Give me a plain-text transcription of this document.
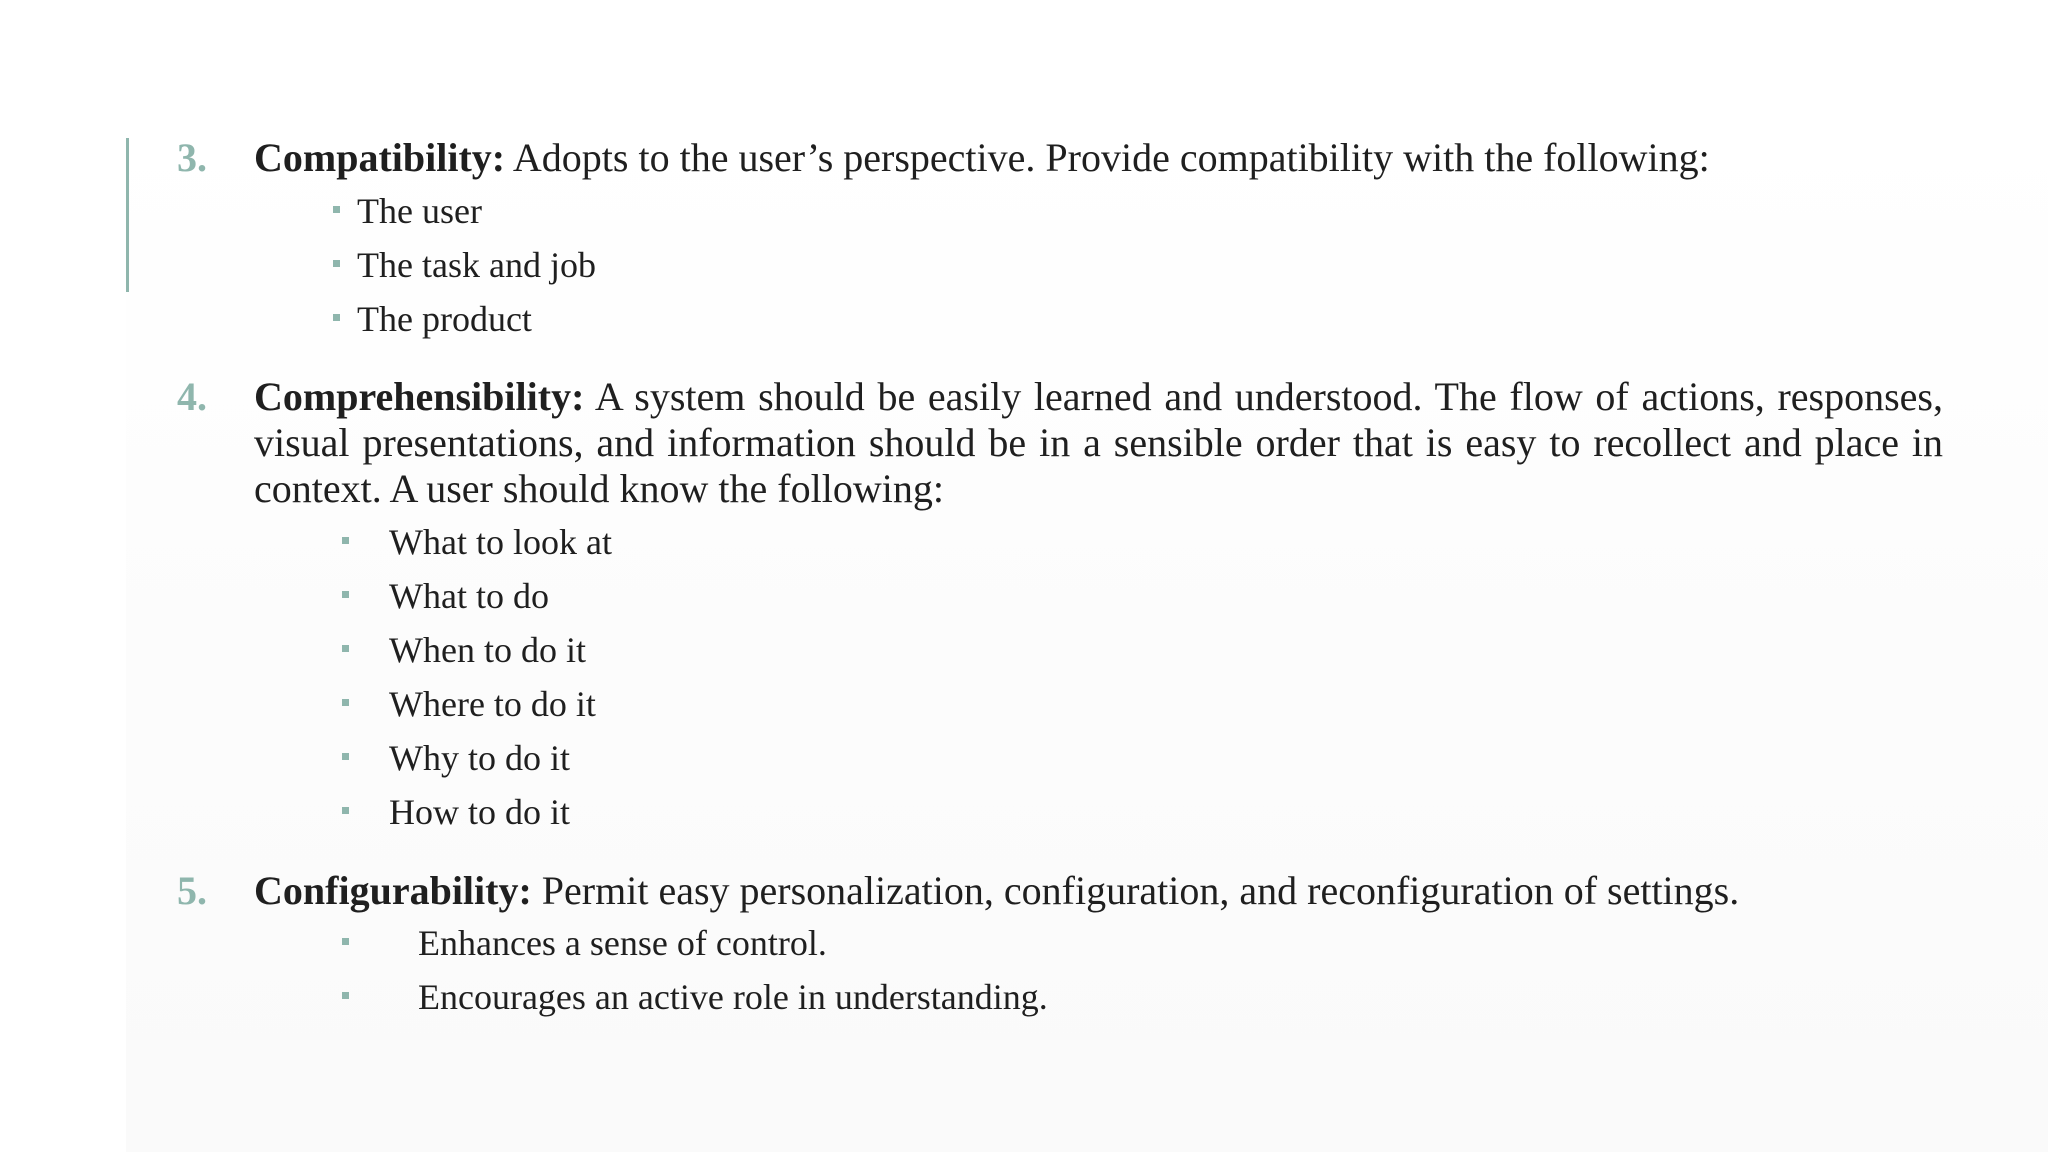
3. Compatibility: Adopts to the user’s perspective. Provide compatibility with the following:
The user
The task and job
The product
4. Comprehensibility: A system should be easily learned and understood. The flow of actions, responses, visual presentations, and information should be in a sensible order that is easy to recollect and place in context. A user should know the following:
What to look at
What to do
When to do it
Where to do it
Why to do it
How to do it
5. Configurability: Permit easy personalization, configuration, and reconfiguration of settings.
Enhances a sense of control.
Encourages an active role in understanding.
